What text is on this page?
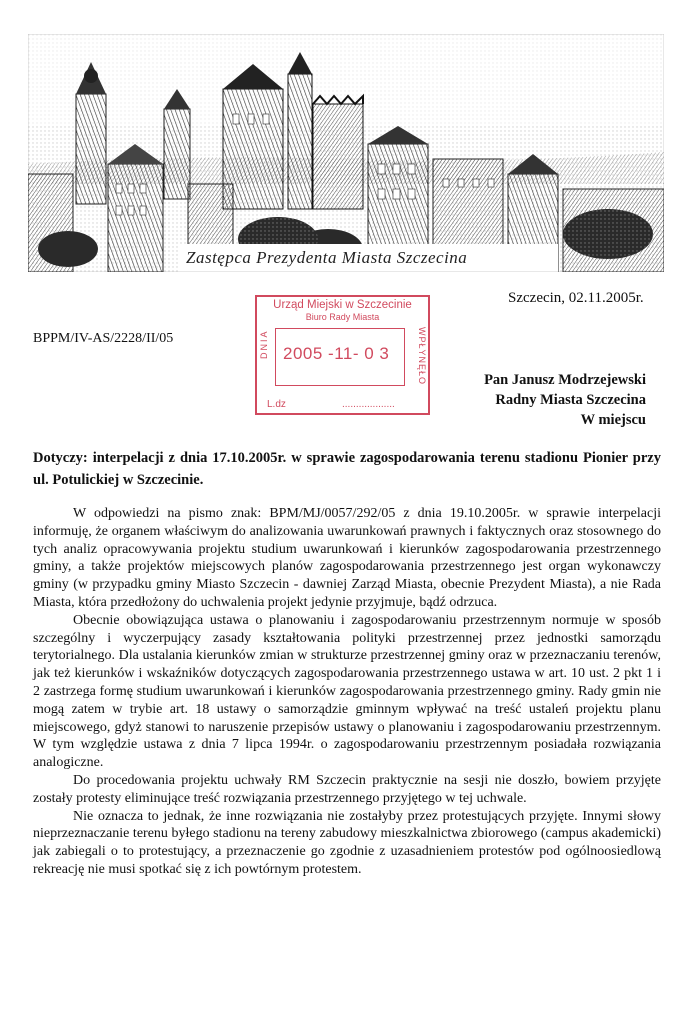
Zastępca Prezydenta Miasta Szczecina
Szczecin, 02.11.2005r.
BPPM/IV-AS/2228/II/05
Urząd Miejski w Szczecinie
Biuro Rady Miasta
2005 -11- 0 3
DNIA	WPŁYNĘŁO
L.dz	...................
Pan Janusz Modrzejewski
Radny Miasta Szczecina
W miejscu
Dotyczy: interpelacji z dnia 17.10.2005r. w sprawie zagospodarowania terenu stadionu Pionier przy ul. Potulickiej w Szczecinie.

W odpowiedzi na pismo znak: BPM/MJ/0057/292/05 z dnia 19.10.2005r. w sprawie interpelacji informuję, że organem właściwym do analizowania uwarunkowań prawnych i faktycznych oraz stosownego do tych analiz opracowywania projektu studium uwarunkowań i kierunków zagospodarowania przestrzennego gminy, a także projektów miejscowych planów zagospodarowania przestrzennego jest organ wykonawczy gminy (w przypadku gminy Miasto Szczecin - dawniej Zarząd Miasta, obecnie Prezydent Miasta), a nie Rada Miasta, która przedłożony do uchwalenia projekt jedynie przyjmuje, bądź odrzuca.

Obecnie obowiązująca ustawa o planowaniu i zagospodarowaniu przestrzennym normuje w sposób szczególny i wyczerpujący zasady kształtowania polityki przestrzennej przez jednostki samorządu terytorialnego. Dla ustalania kierunków zmian w strukturze przestrzennej gminy oraz w przeznaczaniu terenów, jak też kierunków i wskaźników dotyczących zagospodarowania przestrzennego ustawa w art. 10 ust. 2 pkt 1 i 2 zastrzega formę studium uwarunkowań i kierunków zagospodarowania przestrzennego gminy. Rady gmin nie mogą zatem w trybie art. 18 ustawy o samorządzie gminnym wpływać na treść ustaleń projektu planu miejscowego, gdyż stanowi to naruszenie przepisów ustawy o planowaniu i zagospodarowaniu przestrzennym. W tym względzie ustawa z dnia 7 lipca 1994r. o zagospodarowaniu przestrzennym posiadała rozwiązania analogiczne.

Do procedowania projektu uchwały RM Szczecin praktycznie na sesji nie doszło, bowiem przyjęte zostały protesty eliminujące treść rozwiązania przestrzennego przyjętego w tej uchwale.

Nie oznacza to jednak, że inne rozwiązania nie zostałyby przez protestujących przyjęte. Innymi słowy nieprzeznaczanie terenu byłego stadionu na tereny zabudowy mieszkalnictwa zbiorowego (campus akademicki) jak zabiegali o to protestujący, a przeznaczenie go zgodnie z uzasadnieniem protestów pod ogólnoosiedlową rekreację nie musi spotkać się z ich powtórnym protestem.
